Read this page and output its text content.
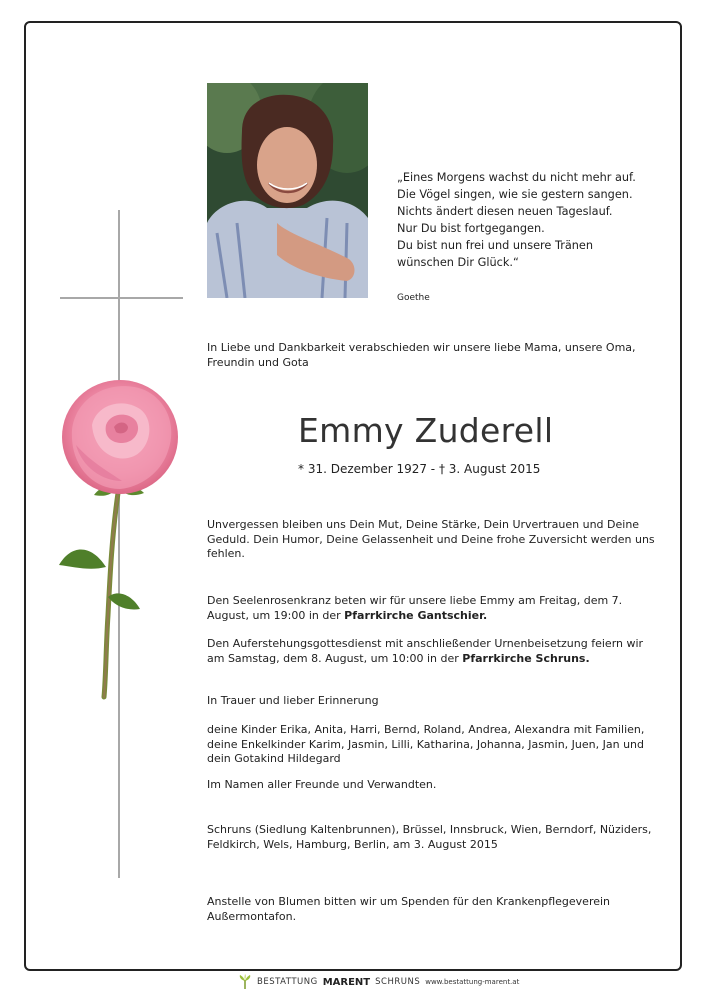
„Eines Morgens wachst du nicht mehr auf.
Die Vögel singen, wie sie gestern sangen.
Nichts ändert diesen neuen Tageslauf.
Nur Du bist fortgegangen.
Du bist nun frei und unsere Tränen
wünschen Dir Glück.“
Goethe
In Liebe und Dankbarkeit verabschieden wir unsere liebe Mama, unsere Oma, Freundin und Gota
Emmy Zuderell
* 31. Dezember 1927 - † 3. August 2015
Unvergessen bleiben uns Dein Mut, Deine Stärke, Dein Urvertrauen und Deine Geduld. Dein Humor, Deine Gelassenheit und Deine frohe Zuversicht werden uns fehlen.
Den Seelenrosenkranz beten wir für unsere liebe Emmy am Freitag, dem 7. August, um 19:00 in der Pfarrkirche Gantschier.
Den Auferstehungsgottesdienst mit anschließender Urnenbeisetzung feiern wir am Samstag, dem 8. August, um 10:00 in der Pfarrkirche Schruns.
In Trauer und lieber Erinnerung
deine Kinder Erika, Anita, Harri, Bernd, Roland, Andrea, Alexandra mit Familien, deine Enkelkinder Karim, Jasmin, Lilli, Katharina, Johanna, Jasmin, Juen, Jan und dein Gotakind Hildegard
Im Namen aller Freunde und Verwandten.
Schruns (Siedlung Kaltenbrunnen), Brüssel, Innsbruck, Wien, Berndorf, Nüziders, Feldkirch, Wels, Hamburg, Berlin, am 3. August 2015
Anstelle von Blumen bitten wir um Spenden für den Krankenpflegeverein Außermontafon.
BESTATTUNG MARENT SCHRUNS www.bestattung-marent.at
